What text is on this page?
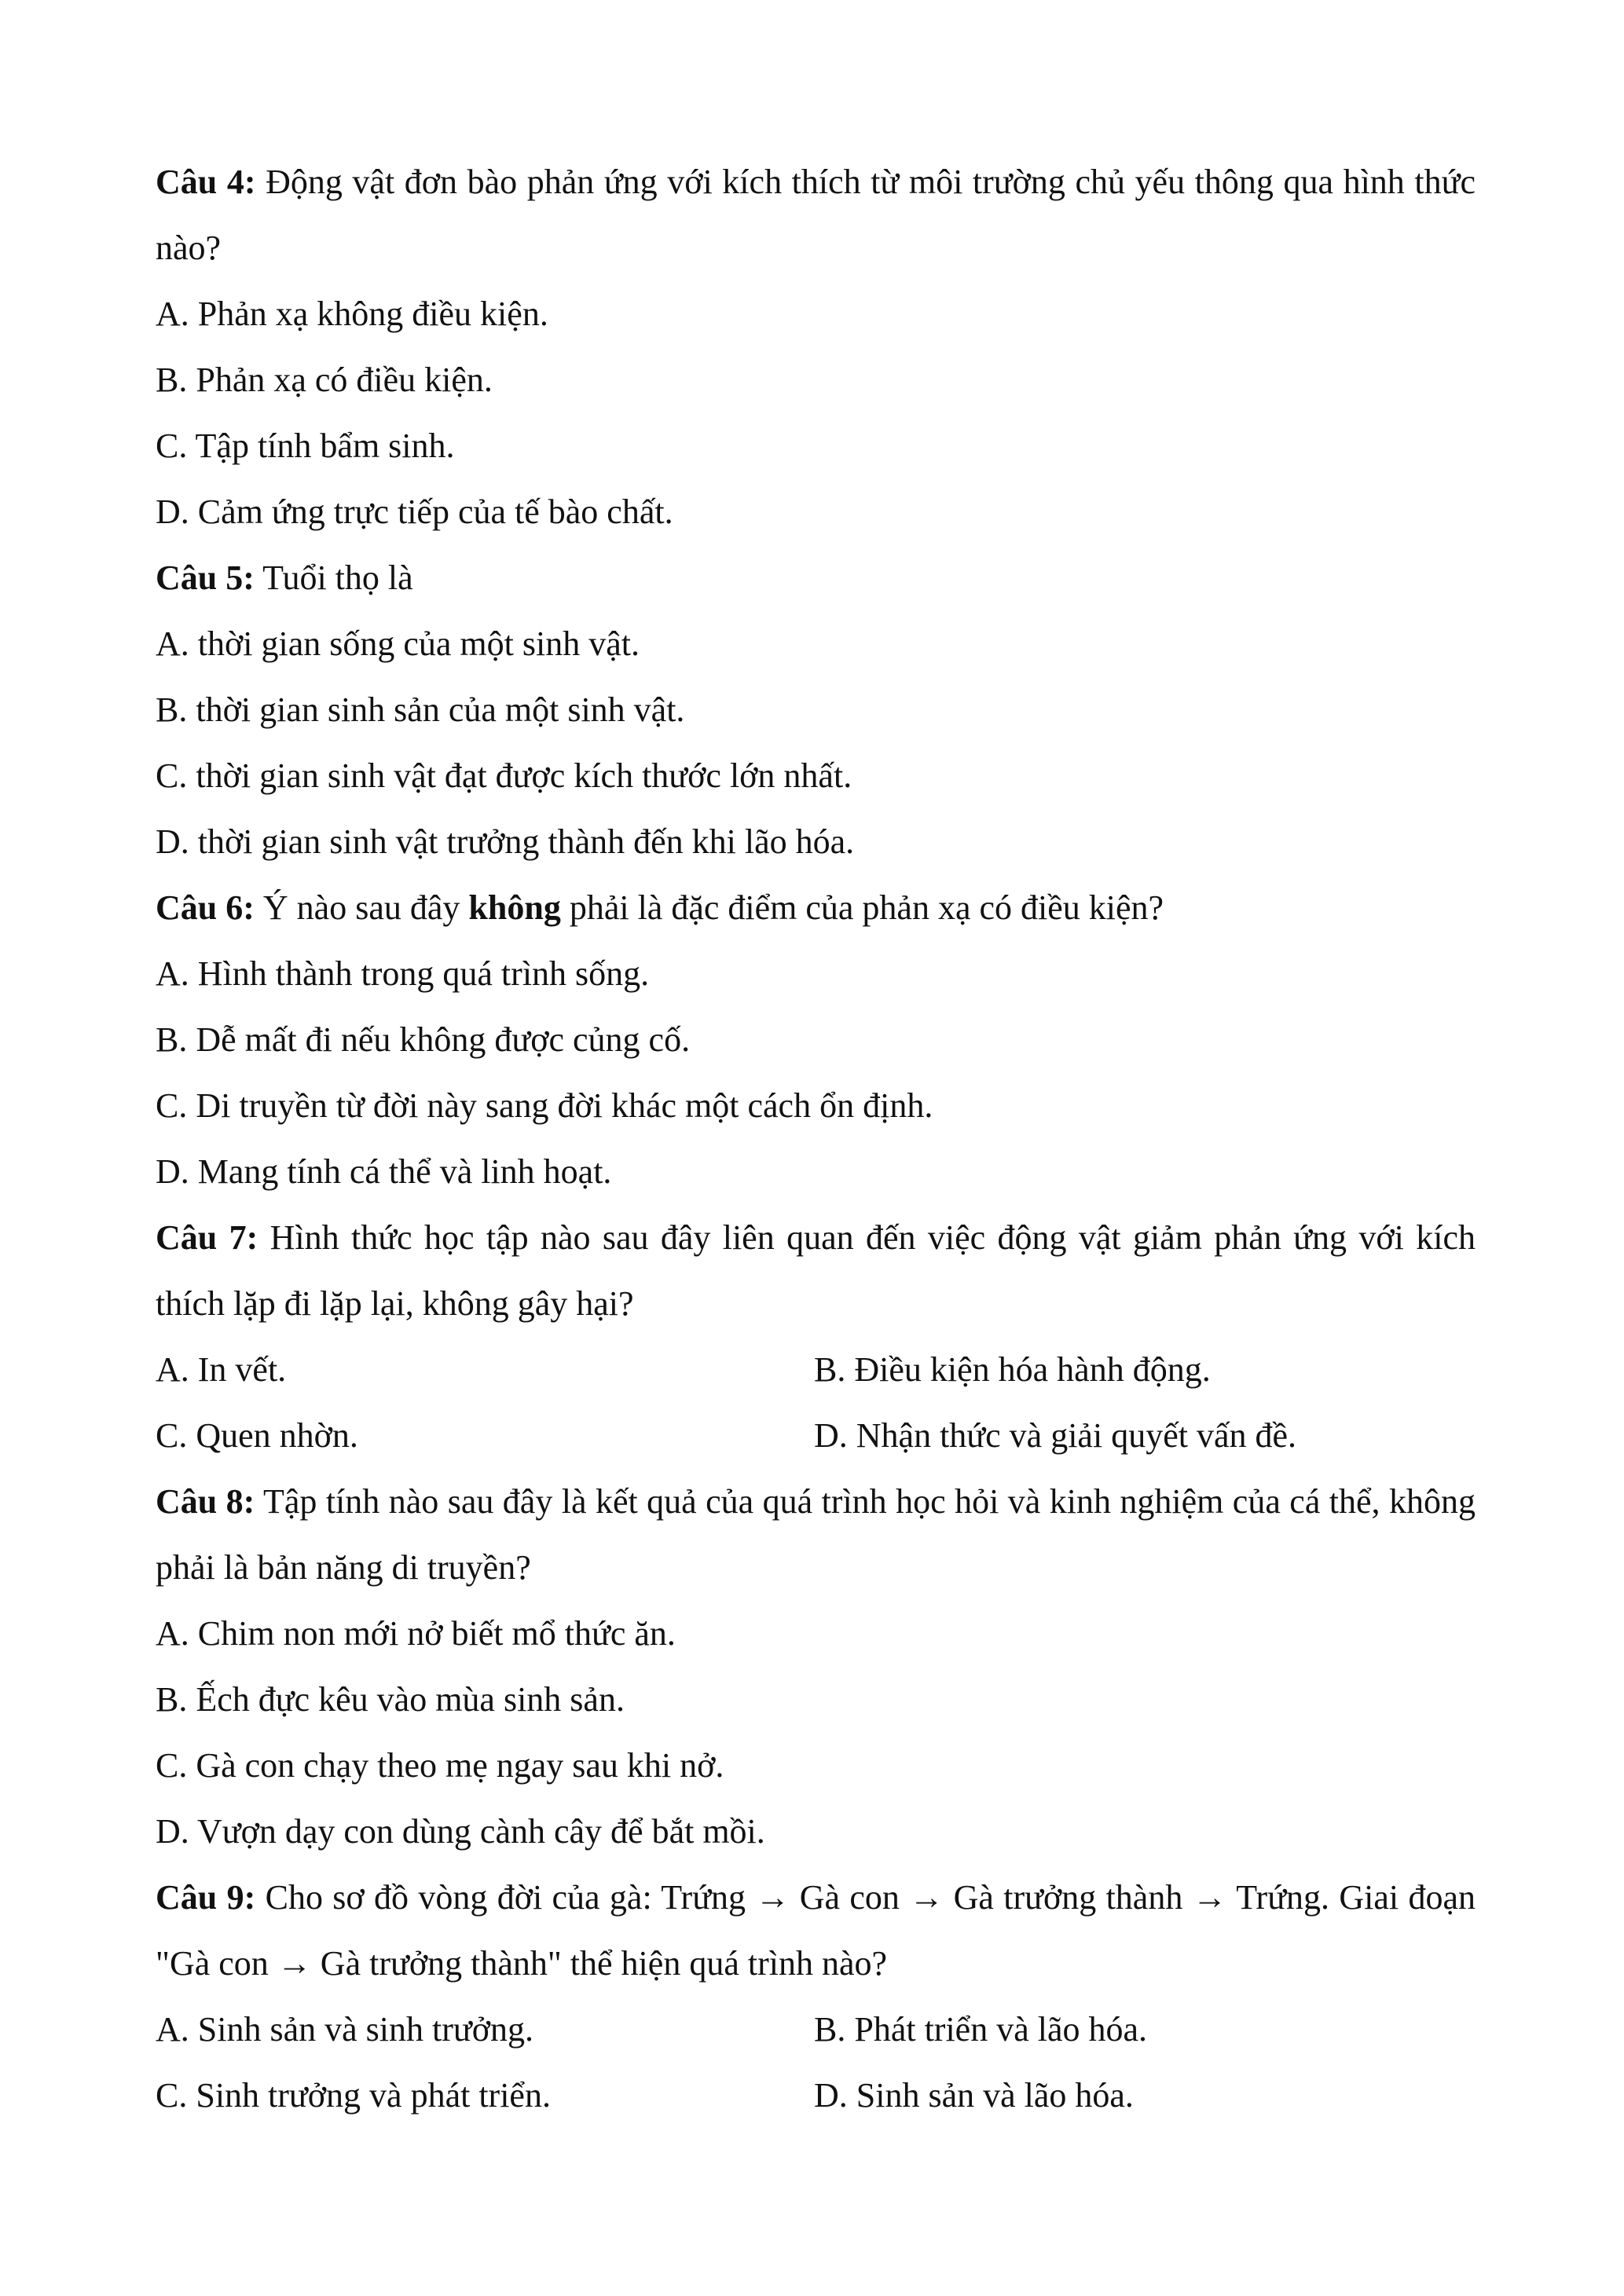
Câu 4: Động vật đơn bào phản ứng với kích thích từ môi trường chủ yếu thông qua hình thức nào?

A. Phản xạ không điều kiện.

B. Phản xạ có điều kiện.

C. Tập tính bẩm sinh.

D. Cảm ứng trực tiếp của tế bào chất.

Câu 5: Tuổi thọ là

A. thời gian sống của một sinh vật.

B. thời gian sinh sản của một sinh vật.

C. thời gian sinh vật đạt được kích thước lớn nhất.

D. thời gian sinh vật trưởng thành đến khi lão hóa.

Câu 6: Ý nào sau đây không phải là đặc điểm của phản xạ có điều kiện?

A. Hình thành trong quá trình sống.

B. Dễ mất đi nếu không được củng cố.

C. Di truyền từ đời này sang đời khác một cách ổn định.

D. Mang tính cá thể và linh hoạt.

Câu 7: Hình thức học tập nào sau đây liên quan đến việc động vật giảm phản ứng với kích thích lặp đi lặp lại, không gây hại?

A. In vết.	B. Điều kiện hóa hành động.

C. Quen nhờn.	D. Nhận thức và giải quyết vấn đề.

Câu 8: Tập tính nào sau đây là kết quả của quá trình học hỏi và kinh nghiệm của cá thể, không phải là bản năng di truyền?

A. Chim non mới nở biết mổ thức ăn.

B. Ếch đực kêu vào mùa sinh sản.

C. Gà con chạy theo mẹ ngay sau khi nở.

D. Vượn dạy con dùng cành cây để bắt mồi.

Câu 9: Cho sơ đồ vòng đời của gà: Trứng → Gà con → Gà trưởng thành → Trứng. Giai đoạn "Gà con → Gà trưởng thành" thể hiện quá trình nào?

A. Sinh sản và sinh trưởng.	B. Phát triển và lão hóa.

C. Sinh trưởng và phát triển.	D. Sinh sản và lão hóa.
